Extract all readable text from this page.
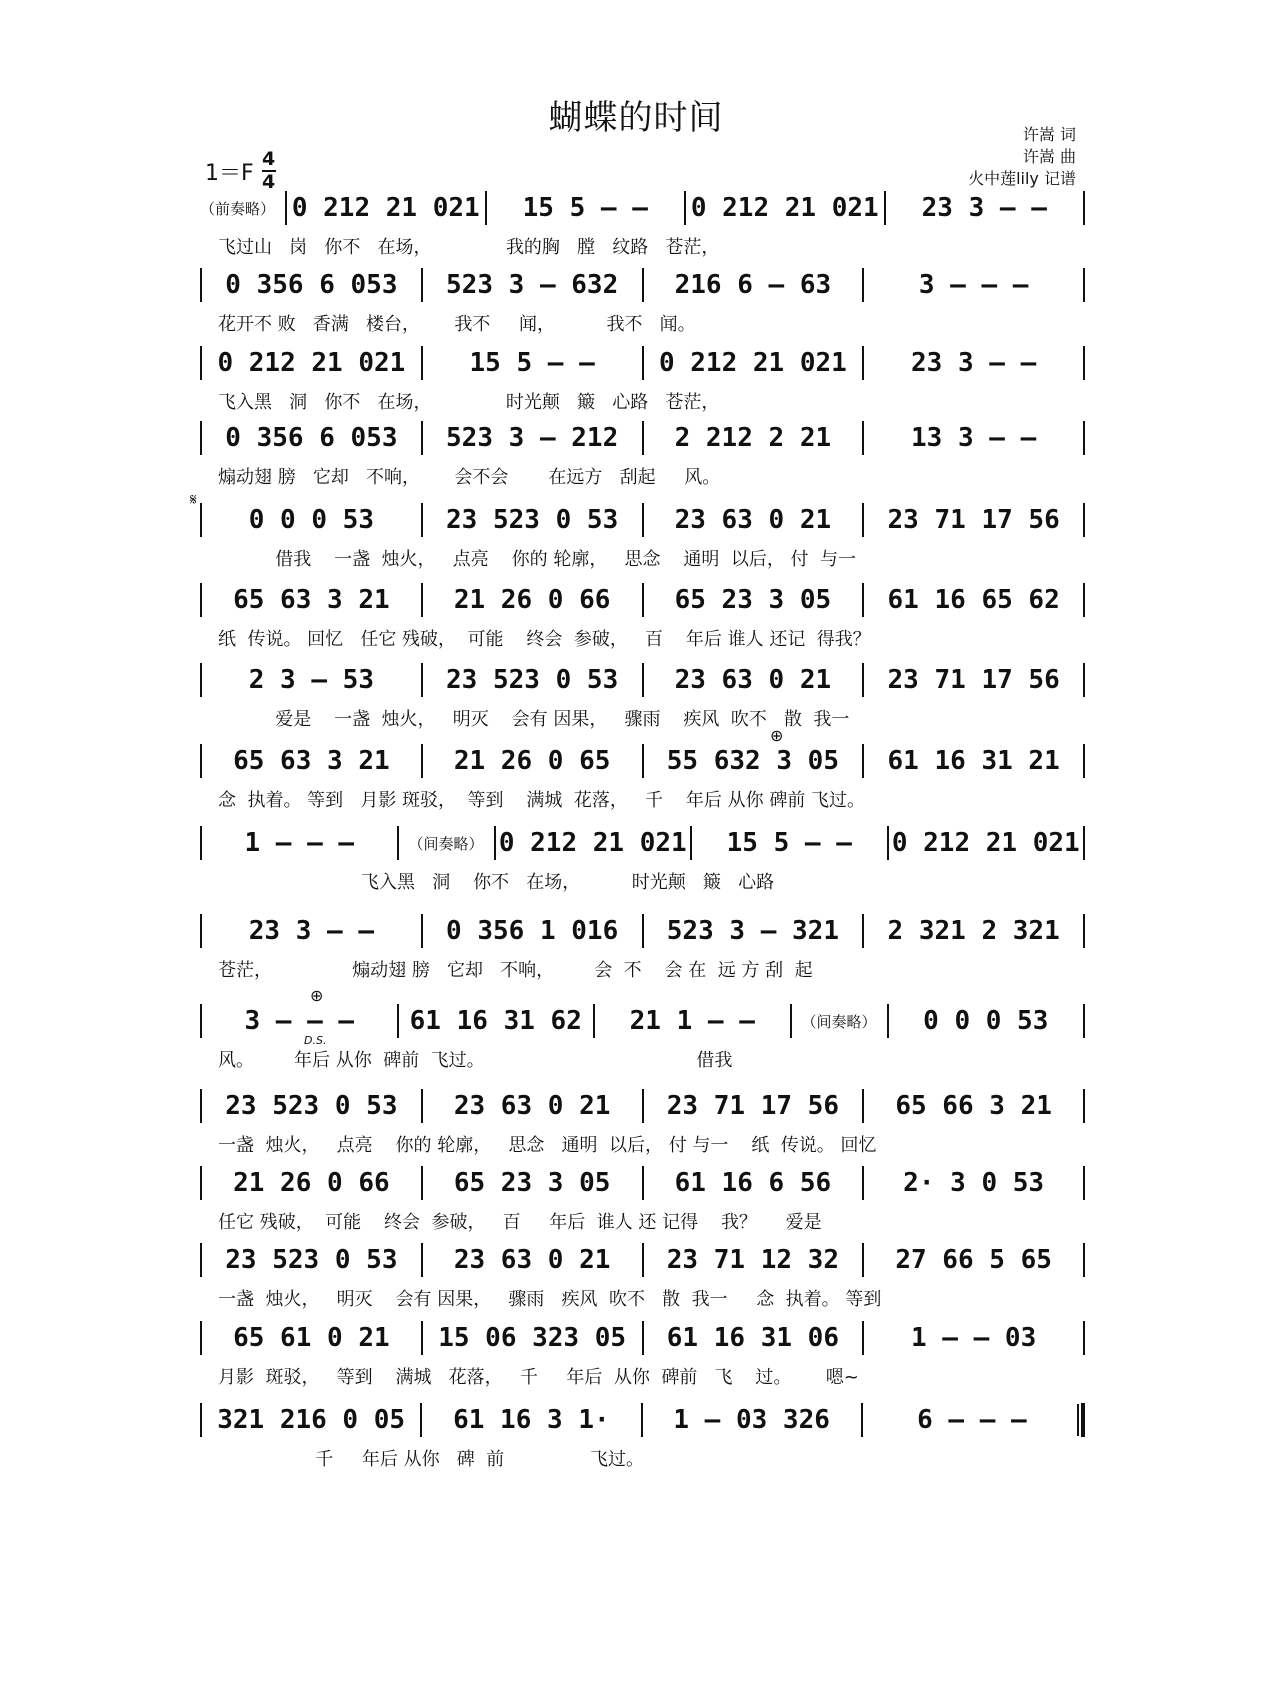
蝴蝶的时间
1＝F
4
4
许嵩 词
许嵩 曲
火中莲lily 记谱
（前奏略） 0 212 21 021	15 5 – –	0 212 21 021	23 3 – –
飞过山   岗   你不   在场，             我的胸   膛   纹路   苍茫，
0 356 6 053	523 3 – 632	216 6 – 63	3 – – –
花开不 败   香满   楼台，      我不     闻，         我不   闻。
0 212 21 021	15 5 – –	0 212 21 021	23 3 – –
飞入黑   洞   你不   在场，             时光颠   簸   心路   苍茫，
0 356 6 053	523 3 – 212	2 212 2 21	13 3 – –
煽动翅 膀   它却   不响，      会不会       在远方   刮起     风。
0 0 0 53	23 523 0 53	23 63 0 21	23 71 17 56
借我    一盏  烛火，   点亮    你的 轮廓，   思念    通明  以后， 付  与一
65 63 3 21	21 26 0 66	65 23 3 05	61 16 65 62
纸  传说。 回忆   任它 残破，  可能    终会  参破，   百    年后 谁人 还记  得我？
2 3 – 53	23 523 0 53	23 63 0 21	23 71 17 56
爱是    一盏  烛火，   明灭    会有 因果，   骤雨    疾风  吹不   散  我一
65 63 3 21	21 26 0 65	55 632 3 05	61 16 31 21
念  执着。 等到   月影 斑驳，  等到    满城  花落，   千    年后 从你 碑前 飞过。
1 – – –	（间奏略） 0 212 21 021	15 5 – –	0 212 21 021
飞入黑   洞    你不   在场，         时光颠   簸   心路
23 3 – –	0 356 1 016	523 3 – 321	2 321 2 321
苍茫，              煽动翅 膀   它却   不响，       会  不    会 在  远 方 刮  起
3 – – –	61 16 31 62	21 1 – –	（间奏略）	0 0 0 53
风。       年后 从你  碑前  飞过。                                     借我
23 523 0 53	23 63 0 21	23 71 17 56	65 66 3 21
一盏  烛火，   点亮    你的 轮廓，   思念   通明  以后， 付 与一    纸  传说。 回忆
21 26 0 66	65 23 3 05	61 16 6 56	2· 3 0 53
任它 残破，  可能    终会  参破，   百     年后  谁人 还 记得    我？     爱是
23 523 0 53	23 63 0 21	23 71 12 32	27 66 5 65
一盏  烛火，   明灭    会有 因果，   骤雨   疾风  吹不   散  我一     念  执着。 等到
65 61 0 21	15 06 323 05	61 16 31 06	1 – – 03
月影  斑驳，   等到    满城   花落，   千     年后  从你  碑前   飞    过。      嗯~
321 216 0 05	61 16 3 1·	1 – 03 326	6 – – –
千     年后 从你   碑  前               飞过。
𝄋
⊕
⊕
D.S.
